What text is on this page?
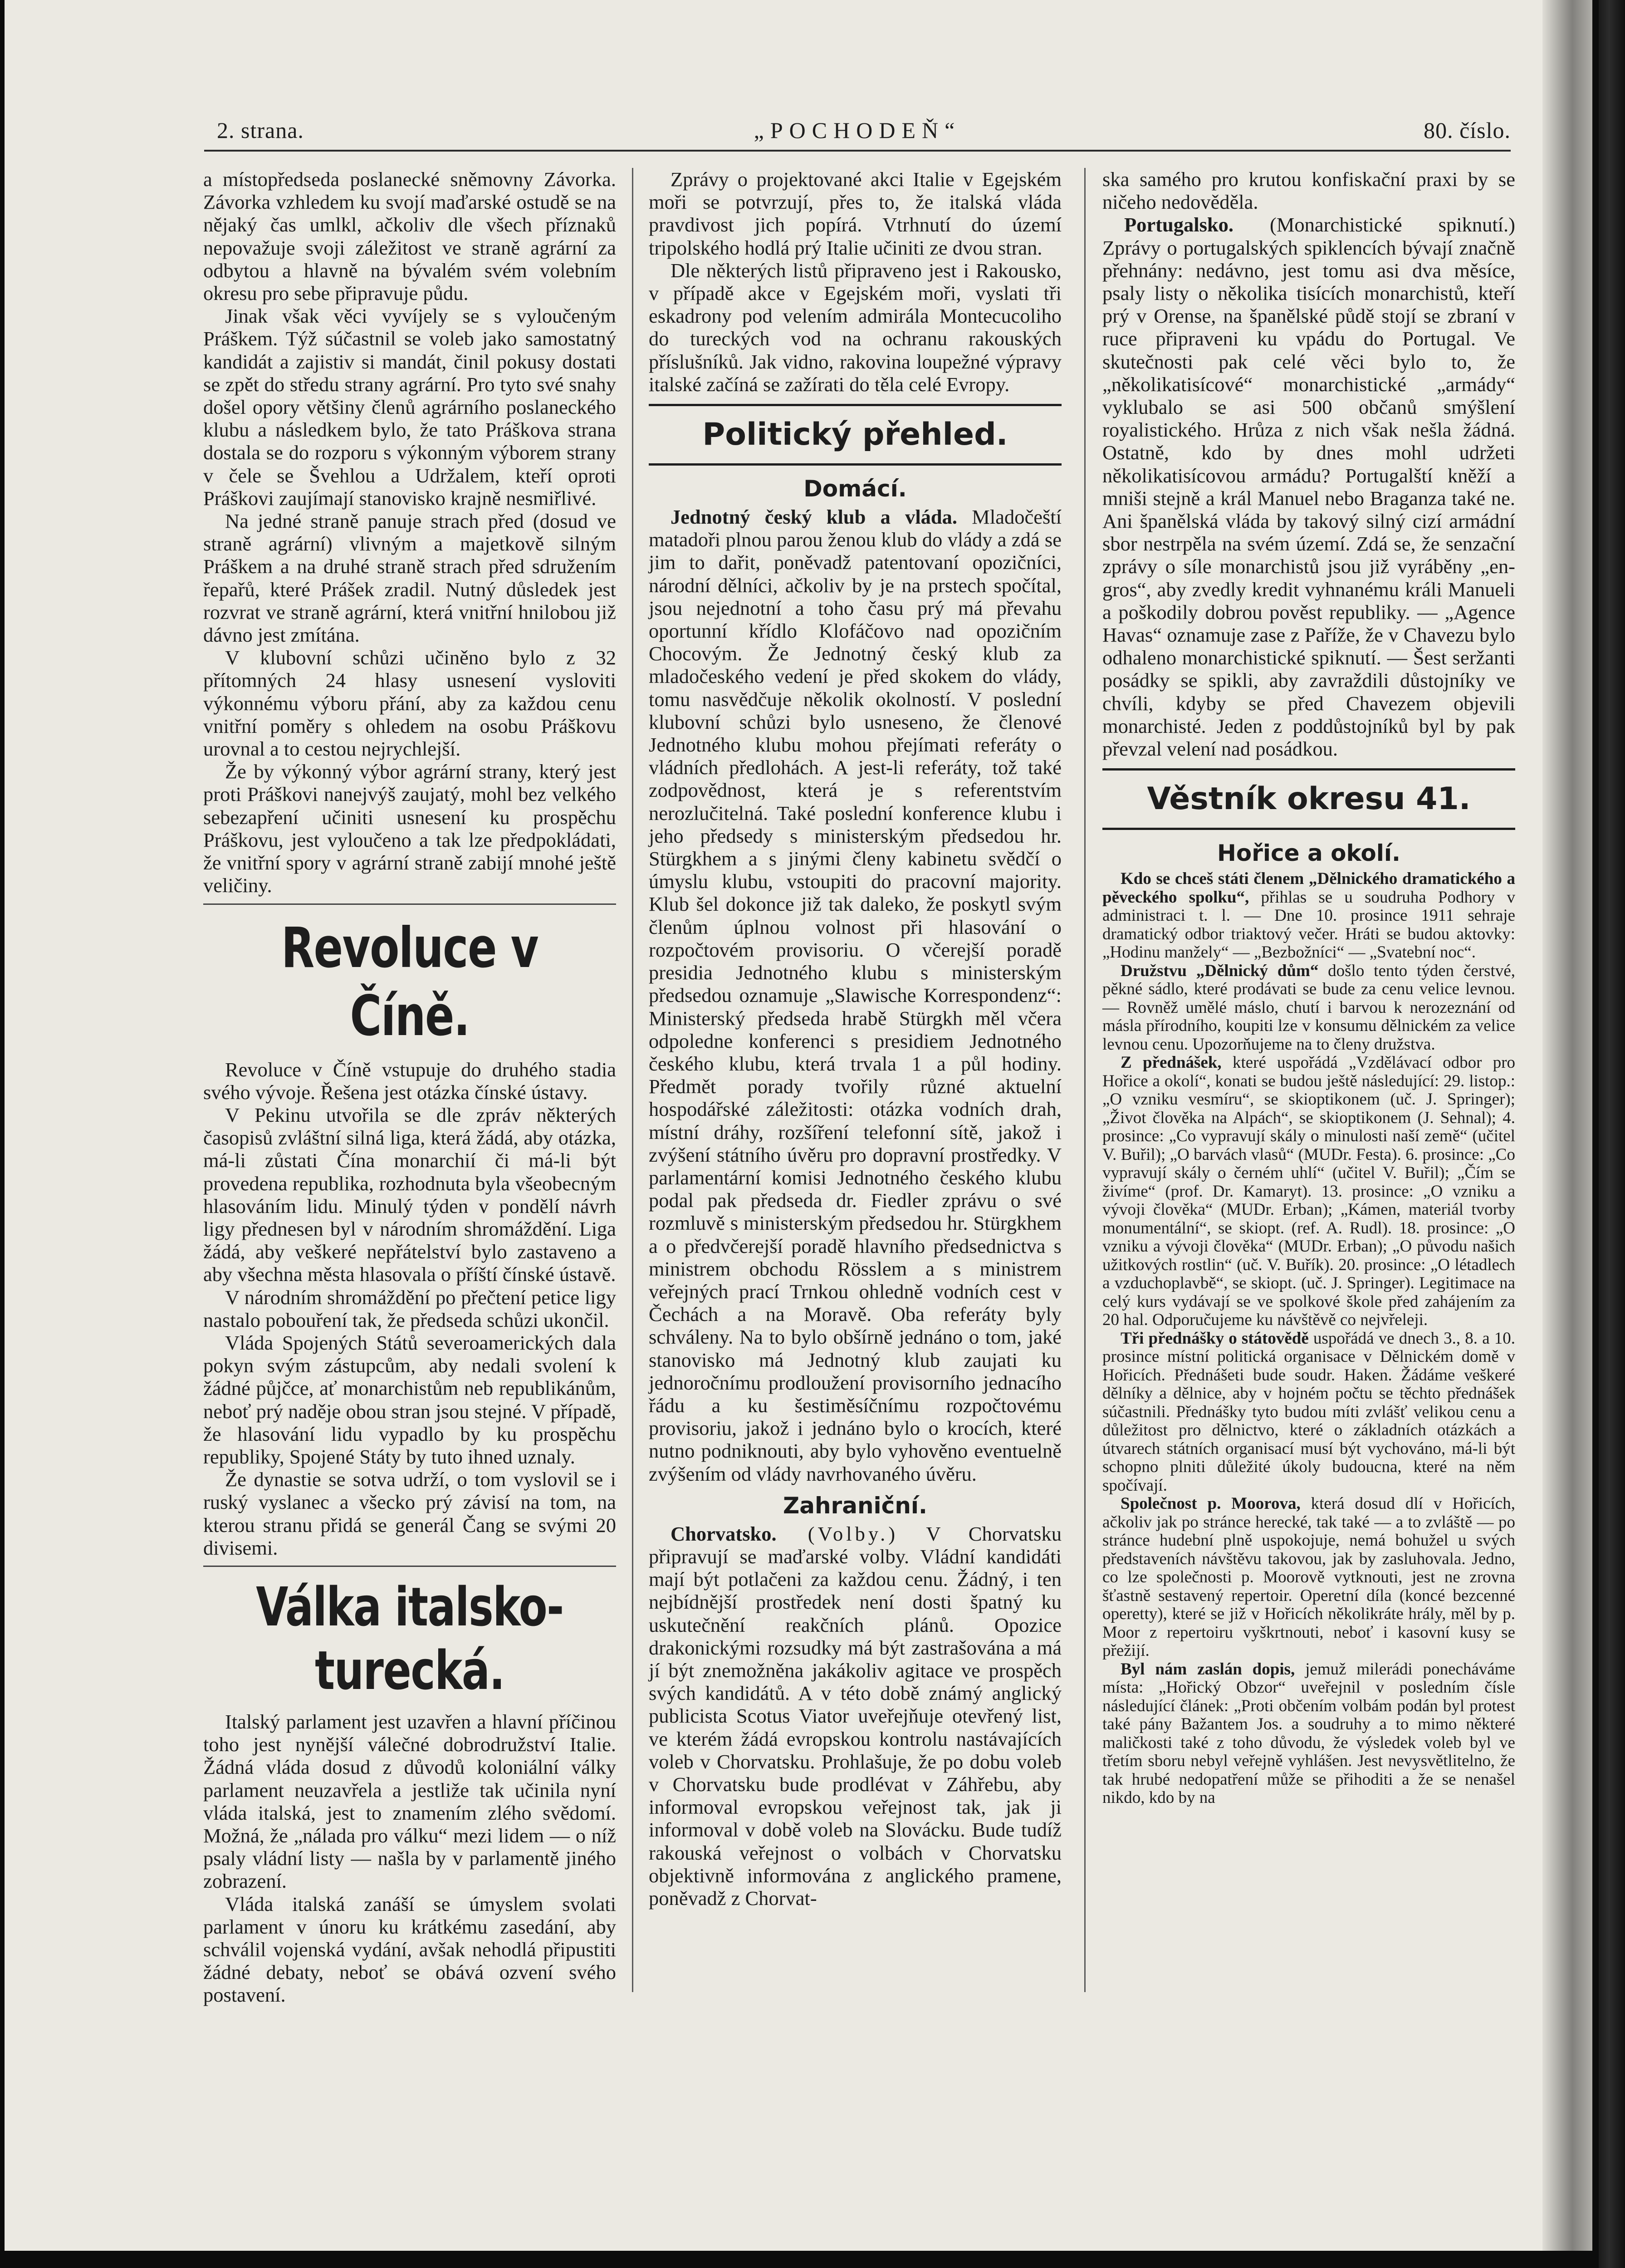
2. strana.	„POCHODEŇ“	80. číslo.

a místopředseda poslanecké sněmovny Závorka. Závorka vzhledem ku svojí maďarské ostudě se na nějaký čas umlkl, ačkoliv dle všech příznaků nepovažuje svoji záležitost ve straně agrární za odbytou a hlavně na bývalém svém volebním okresu pro sebe připravuje půdu.

Jinak však věci vyvíjely se s vyloučeným Práškem. Týž súčastnil se voleb jako samostatný kandidát a zajistiv si mandát, činil pokusy dostati se zpět do středu strany agrární. Pro tyto své snahy došel opory většiny členů agrárního poslaneckého klubu a následkem bylo, že tato Práškova strana dostala se do rozporu s výkonným výborem strany v čele se Švehlou a Udržalem, kteří oproti Práškovi zaujímají stanovisko krajně nesmiřlivé.

Na jedné straně panuje strach před (dosud ve straně agrární) vlivným a majetkově silným Práškem a na druhé straně strach před sdružením řepařů, které Prášek zradil. Nutný důsledek jest rozvrat ve straně agrární, která vnitřní hnilobou již dávno jest zmítána.

V klubovní schůzi učiněno bylo z 32 přítomných 24 hlasy usnesení vysloviti výkonnému výboru přání, aby za každou cenu vnitřní poměry s ohledem na osobu Práškovu urovnal a to cestou nejrychlejší.

Že by výkonný výbor agrární strany, který jest proti Práškovi nanejvýš zaujatý, mohl bez velkého sebezapření učiniti usnesení ku prospěchu Práškovu, jest vyloučeno a tak lze předpokládati, že vnitřní spory v agrární straně zabijí mnohé ještě veličiny.

Revoluce v Číně.

Revoluce v Číně vstupuje do druhého stadia svého vývoje. Řešena jest otázka čínské ústavy.

V Pekinu utvořila se dle zpráv některých časopisů zvláštní silná liga, která žádá, aby otázka, má-li zůstati Čína monarchií či má-li být provedena republika, rozhodnuta byla všeobecným hlasováním lidu. Minulý týden v pondělí návrh ligy přednesen byl v národním shromáždění. Liga žádá, aby veškeré nepřátelství bylo zastaveno a aby všechna města hlasovala o příští čínské ústavě.

V národním shromáždění po přečtení petice ligy nastalo pobouření tak, že předseda schůzi ukončil.

Vláda Spojených Států severoamerických dala pokyn svým zástupcům, aby nedali svolení k žádné půjčce, ať monarchistům neb republikánům, neboť prý naděje obou stran jsou stejné. V případě, že hlasování lidu vypadlo by ku prospěchu republiky, Spojené Státy by tuto ihned uznaly.

Že dynastie se sotva udrží, o tom vyslovil se i ruský vyslanec a všecko prý závisí na tom, na kterou stranu přidá se generál Čang se svými 20 divisemi.

Válka italsko-turecká.

Italský parlament jest uzavřen a hlavní příčinou toho jest nynější válečné dobrodružství Italie. Žádná vláda dosud z důvodů koloniální války parlament neuzavřela a jestliže tak učinila nyní vláda italská, jest to znamením zlého svědomí. Možná, že „nálada pro válku“ mezi lidem — o níž psaly vládní listy — našla by v parlamentě jiného zobrazení.

Vláda italská zanáší se úmyslem svolati parlament v únoru ku krátkému zasedání, aby schválil vojenská vydání, avšak nehodlá připustiti žádné debaty, neboť se obává ozvení svého postavení.

Zprávy o projektované akci Italie v Egejském moři se potvrzují, přes to, že italská vláda pravdivost jich popírá. Vtrhnutí do území tripolského hodlá prý Italie učiniti ze dvou stran.

Dle některých listů připraveno jest i Rakousko, v případě akce v Egejském moři, vyslati tři eskadrony pod velením admirála Montecucoliho do tureckých vod na ochranu rakouských příslušníků. Jak vidno, rakovina loupežné výpravy italské začíná se zažírati do těla celé Evropy.

Politický přehled.
Domácí.

Jednotný český klub a vláda. Mladočeští matadoři plnou parou ženou klub do vlády a zdá se jim to dařit, poněvadž patentovaní opozičníci, národní dělníci, ačkoliv by je na prstech spočítal, jsou nejednotní a toho času prý má převahu oportunní křídlo Klofáčovo nad opozičním Chocovým. Že Jednotný český klub za mladočeského vedení je před skokem do vlády, tomu nasvědčuje několik okolností. V poslední klubovní schůzi bylo usneseno, že členové Jednotného klubu mohou přejímati referáty o vládních předlohách. A jest-li referáty, tož také zodpovědnost, která je s referentstvím nerozlučitelná. Také poslední konference klubu i jeho předsedy s ministerským předsedou hr. Stürgkhem a s jinými členy kabinetu svědčí o úmyslu klubu, vstoupiti do pracovní majority. Klub šel dokonce již tak daleko, že poskytl svým členům úplnou volnost při hlasování o rozpočtovém provisoriu. O včerejší poradě presidia Jednotného klubu s ministerským předsedou oznamuje „Slawische Korrespondenz“: Ministerský předseda hrabě Stürgkh měl včera odpoledne konferenci s presidiem Jednotného českého klubu, která trvala 1 a půl hodiny. Předmět porady tvořily různé aktuelní hospodářské záležitosti: otázka vodních drah, místní dráhy, rozšíření telefonní sítě, jakož i zvýšení státního úvěru pro dopravní prostředky. V parlamentární komisi Jednotného českého klubu podal pak předseda dr. Fiedler zprávu o své rozmluvě s ministerským předsedou hr. Stürgkhem a o předvčerejší poradě hlavního předsednictva s ministrem obchodu Rösslem a s ministrem veřejných prací Trnkou ohledně vodních cest v Čechách a na Moravě. Oba referáty byly schváleny. Na to bylo obšírně jednáno o tom, jaké stanovisko má Jednotný klub zaujati ku jednoročnímu prodloužení provisorního jednacího řádu a ku šestiměsíčnímu rozpočtovému provisoriu, jakož i jednáno bylo o krocích, které nutno podniknouti, aby bylo vyhověno eventuelně zvýšením od vlády navrhovaného úvěru.

Zahraniční.

Chorvatsko. (Volby.) V Chorvatsku připravují se maďarské volby. Vládní kandidáti mají být potlačeni za každou cenu. Žádný, i ten nejbídnější prostředek není dosti špatný ku uskutečnění reakčních plánů. Opozice drakonickými rozsudky má být zastrašována a má jí být znemožněna jakákoliv agitace ve prospěch svých kandidátů. A v této době známý anglický publicista Scotus Viator uveřejňuje otevřený list, ve kterém žádá evropskou kontrolu nastávajících voleb v Chorvatsku. Prohlašuje, že po dobu voleb v Chorvatsku bude prodlévat v Záhřebu, aby informoval evropskou veřejnost tak, jak ji informoval v době voleb na Slovácku. Bude tudíž rakouská veřejnost o volbách v Chorvatsku objektivně informována z anglického pramene, poněvadž z Chorvat-

ska samého pro krutou konfiskační praxi by se ničeho nedověděla.

Portugalsko. (Monarchistické spiknutí.) Zprávy o portugalských spiklencích bývají značně přehnány: nedávno, jest tomu asi dva měsíce, psaly listy o několika tisících monarchistů, kteří prý v Orense, na španělské půdě stojí se zbraní v ruce připraveni ku vpádu do Portugal. Ve skutečnosti pak celé věci bylo to, že „několikatisícové“ monarchistické „armády“ vyklubalo se asi 500 občanů smýšlení royalistického. Hrůza z nich však nešla žádná. Ostatně, kdo by dnes mohl udržeti několikatisícovou armádu? Portugalští kněží a mniši stejně a král Manuel nebo Braganza také ne. Ani španělská vláda by takový silný cizí armádní sbor nestrpěla na svém území. Zdá se, že senzační zprávy o síle monarchistů jsou již vyráběny „en-gros“, aby zvedly kredit vyhnanému králi Manueli a poškodily dobrou pověst republiky. — „Agence Havas“ oznamuje zase z Paříže, že v Chavezu bylo odhaleno monarchistické spiknutí. — Šest seržanti posádky se spikli, aby zavraždili důstojníky ve chvíli, kdyby se před Chavezem objevili monarchisté. Jeden z poddůstojníků byl by pak převzal velení nad posádkou.

Věstník okresu 41.
Hořice a okolí.

Kdo se chceš státi členem „Dělnického dramatického a pěveckého spolku“, přihlas se u soudruha Podhory v administraci t. l. — Dne 10. prosince 1911 sehraje dramatický odbor triaktový večer. Hráti se budou aktovky: „Hodinu manžely“ — „Bezbožníci“ — „Svatební noc“.

Družstvu „Dělnický dům“ došlo tento týden čerstvé, pěkné sádlo, které prodávati se bude za cenu velice levnou. — Rovněž umělé máslo, chutí i barvou k nerozeznání od másla přírodního, koupiti lze v konsumu dělnickém za velice levnou cenu. Upozorňujeme na to členy družstva.

Z přednášek, které uspořádá „Vzdělávací odbor pro Hořice a okolí“, konati se budou ještě následující: 29. listop.: „O vzniku vesmíru“, se skioptikonem (uč. J. Springer); „Život člověka na Alpách“, se skioptikonem (J. Sehnal); 4. prosince: „Co vypravují skály o minulosti naší země“ (učitel V. Buřil); „O barvách vlasů“ (MUDr. Festa). 6. prosince: „Co vypravují skály o černém uhlí“ (učitel V. Buřil); „Čím se živíme“ (prof. Dr. Kamaryt). 13. prosince: „O vzniku a vývoji člověka“ (MUDr. Erban); „Kámen, materiál tvorby monumentální“, se skiopt. (ref. A. Rudl). 18. prosince: „O vzniku a vývoji člověka“ (MUDr. Erban); „O původu našich užitkových rostlin“ (uč. V. Buřík). 20. prosince: „O létadlech a vzduchoplavbě“, se skiopt. (uč. J. Springer). Legitimace na celý kurs vydávají se ve spolkové škole před zahájením za 20 hal. Odporučujeme ku návštěvě co nejvřeleji.

Tři přednášky o státovědě uspořádá ve dnech 3., 8. a 10. prosince místní politická organisace v Dělnickém domě v Hořicích. Přednášeti bude soudr. Haken. Žádáme veškeré dělníky a dělnice, aby v hojném počtu se těchto přednášek súčastnili. Přednášky tyto budou míti zvlášť velikou cenu a důležitost pro dělnictvo, které o základních otázkách a útvarech státních organisací musí být vychováno, má-li být schopno plniti důležité úkoly budoucna, které na něm spočívají.

Společnost p. Moorova, která dosud dlí v Hořicích, ačkoliv jak po stránce herecké, tak také — a to zvláště — po stránce hudební plně uspokojuje, nemá bohužel u svých představeních návštěvu takovou, jak by zasluhovala. Jedno, co lze společnosti p. Moorově vytknouti, jest ne zrovna šťastně sestavený repertoir. Operetní díla (koncé bezcenné operetty), které se již v Hořicích několikráte hrály, měl by p. Moor z repertoiru vyškrtnouti, neboť i kasovní kusy se přežijí.

Byl nám zaslán dopis, jemuž milerádi ponecháváme místa: „Hořický Obzor“ uveřejnil v posledním čísle následující článek: „Proti občením volbám podán byl protest také pány Bažantem Jos. a soudruhy a to mimo některé maličkosti také z toho důvodu, že výsledek voleb byl ve třetím sboru nebyl veřejně vyhlášen. Jest nevysvětlitelno, že tak hrubé nedopatření může se přihoditi a že se nenašel nikdo, kdo by na
